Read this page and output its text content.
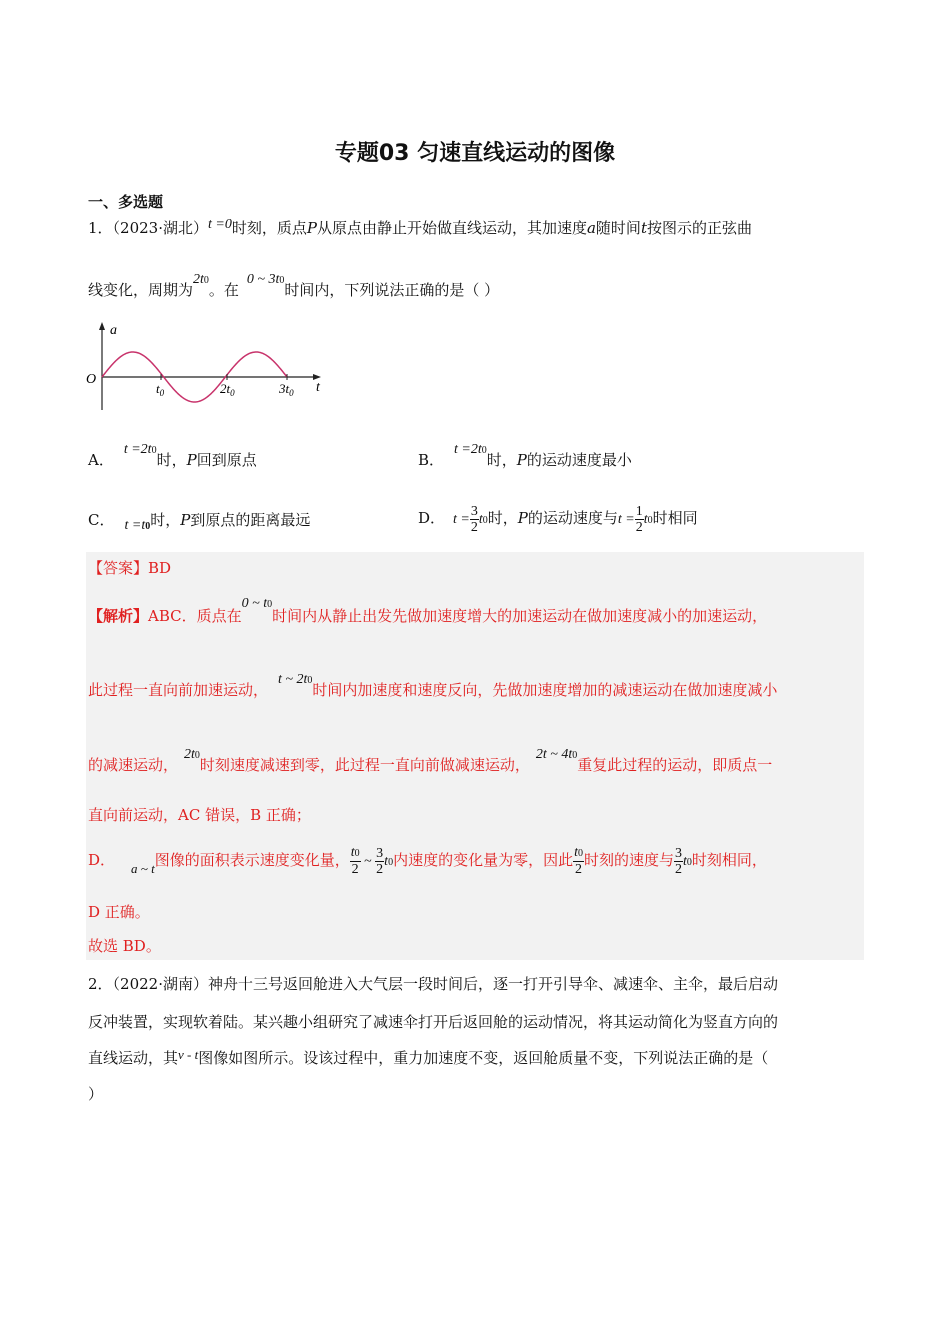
专题03 匀速直线运动的图像
一、多选题
1．（2023·湖北）t =0时刻，质点P从原点由静止开始做直线运动，其加速度a随时间t按图示的正弦曲
线变化，周期为2t0。在0 ~ 3t0时间内，下列说法正确的是（ ）
a
O
t
$t_0$	$2t_0$	$3t_0$
A．t =2t0时，P回到原点	B．t =2t0时，P的运动速度最小
C． t =t0时，P到原点的距离最远	D． $t = \frac{3}{2} t0$时，P的运动速度与$t = \frac{1}{2} t0$时相同
【答案】BD
【解析】ABC．质点在0 ~ t0时间内从静止出发先做加速度增大的加速运动在做加速度减小的加速运动，
此过程一直向前加速运动，t ~ 2t0时间内加速度和速度反向，先做加速度增加的减速运动在做加速度减小
的减速运动，2t0时刻速度减速到零，此过程一直向前做减速运动，2t ~ 4t0重复此过程的运动，即质点一
直向前运动，AC 错误，B 正确；
D． a ~ t图像的面积表示速度变化量， $\frac{t0}{2}$ ~ $\frac{3}{2} t0$内速度的变化量为零，因此 $\frac{t0}{2}$ 时刻的速度与 $\frac{3}{2} t0$时刻相同，
D 正确。
故选 BD。
2．（2022·湖南）神舟十三号返回舱进入大气层一段时间后，逐一打开引导伞、减速伞、主伞，最后启动
反冲装置，实现软着陆。某兴趣小组研究了减速伞打开后返回舱的运动情况，将其运动简化为竖直方向的
直线运动，其v - t图像如图所示。设该过程中，重力加速度不变，返回舱质量不变，下列说法正确的是（
）
